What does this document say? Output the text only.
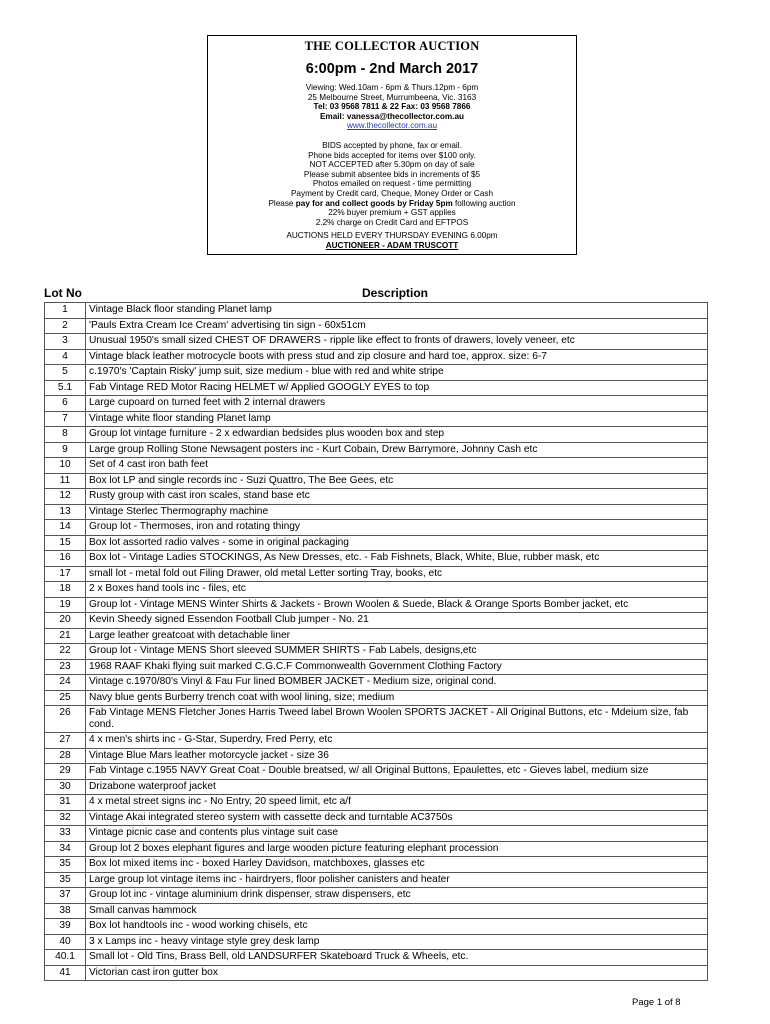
THE COLLECTOR AUCTION
6:00pm - 2nd March 2017
Viewing: Wed.10am - 6pm & Thurs.12pm - 6pm
25 Melbourne Street, Murrumbeena, Vic. 3163
Tel: 03 9568 7811 & 22 Fax: 03 9568 7866
Email: vanessa@thecollector.com.au
www.thecollector.com.au
BIDS accepted by phone, fax or email.
Phone bids accepted for items over $100 only.
NOT ACCEPTED after 5.30pm on day of sale
Please submit absentee bids in increments of $5
Photos emailed on request - time permitting
Payment by Credit card, Cheque, Money Order or Cash
Please pay for and collect goods by Friday 5pm following auction
22% buyer premium + GST applies
2.2% charge on Credit Card and EFTPOS
AUCTIONS HELD EVERY THURSDAY EVENING 6.00pm
AUCTIONEER - ADAM TRUSCOTT
Lot No	Description
1	Vintage Black floor standing Planet lamp
2	'Pauls Extra Cream Ice Cream' advertising tin sign - 60x51cm
3	Unusual 1950's small sized CHEST OF DRAWERS - ripple like effect to fronts of drawers, lovely veneer, etc
4	Vintage black leather motrocycle boots with press stud and zip closure and hard toe, approx. size: 6-7
5	c.1970's 'Captain Risky' jump suit, size medium - blue with red and white stripe
5.1	Fab Vintage RED Motor Racing HELMET w/ Applied GOOGLY EYES to top
6	Large cupoard on turned feet with 2 internal drawers
7	Vintage white floor standing Planet lamp
8	Group lot vintage furniture - 2 x edwardian bedsides plus wooden box and step
9	Large group Rolling Stone Newsagent posters inc - Kurt Cobain, Drew Barrymore, Johnny Cash etc
10	Set of 4 cast iron bath feet
11	Box lot LP and single records inc - Suzi Quattro, The Bee Gees, etc
12	Rusty group with cast iron scales, stand base etc
13	Vintage Sterlec Thermography machine
14	Group lot - Thermoses, iron and rotating thingy
15	Box lot assorted radio valves - some in original packaging
16	Box lot - Vintage Ladies STOCKINGS, As New Dresses, etc. - Fab Fishnets, Black, White, Blue, rubber mask, etc
17	small lot - metal fold out Filing Drawer, old metal Letter sorting Tray, books, etc
18	2 x Boxes hand tools inc - files, etc
19	Group lot - Vintage MENS Winter Shirts & Jackets - Brown Woolen & Suede, Black & Orange Sports Bomber jacket, etc
20	Kevin Sheedy signed Essendon Football Club jumper - No. 21
21	Large leather greatcoat with detachable liner
22	Group lot - Vintage MENS Short sleeved SUMMER SHIRTS - Fab Labels, designs,etc
23	1968 RAAF Khaki flying suit marked C.G.C.F Commonwealth Government Clothing Factory
24	Vintage c.1970/80's Vinyl & Fau Fur lined BOMBER JACKET - Medium size, original cond.
25	Navy blue gents Burberry trench coat with wool lining, size; medium
26	Fab Vintage MENS Fletcher Jones Harris Tweed label Brown Woolen SPORTS JACKET - All Original Buttons, etc - Mdeium size, fab cond.
27	4 x men's shirts inc - G-Star, Superdry, Fred Perry, etc
28	Vintage Blue Mars leather motorcycle jacket - size 36
29	Fab Vintage c.1955 NAVY Great Coat - Double breatsed, w/ all Original Buttons, Epaulettes, etc - Gieves label, medium size
30	Drizabone waterproof jacket
31	4 x metal street signs inc - No Entry, 20 speed limit, etc a/f
32	Vintage Akai integrated stereo system with cassette deck and turntable AC3750s
33	Vintage picnic case and contents plus vintage suit case
34	Group lot 2 boxes elephant figures and large wooden picture featuring elephant procession
35	Box lot mixed items inc - boxed Harley Davidson, matchboxes, glasses etc
35	Large group lot vintage items inc - hairdryers, floor polisher canisters and heater
37	Group lot inc - vintage aluminium drink dispenser, straw dispensers, etc
38	Small canvas hammock
39	Box lot handtools inc - wood working chisels, etc
40	3 x Lamps inc - heavy vintage style grey desk lamp
40.1	Small lot - Old Tins, Brass Bell, old LANDSURFER Skateboard Truck & Wheels, etc.
41	Victorian cast iron gutter box
Page 1 of 8
